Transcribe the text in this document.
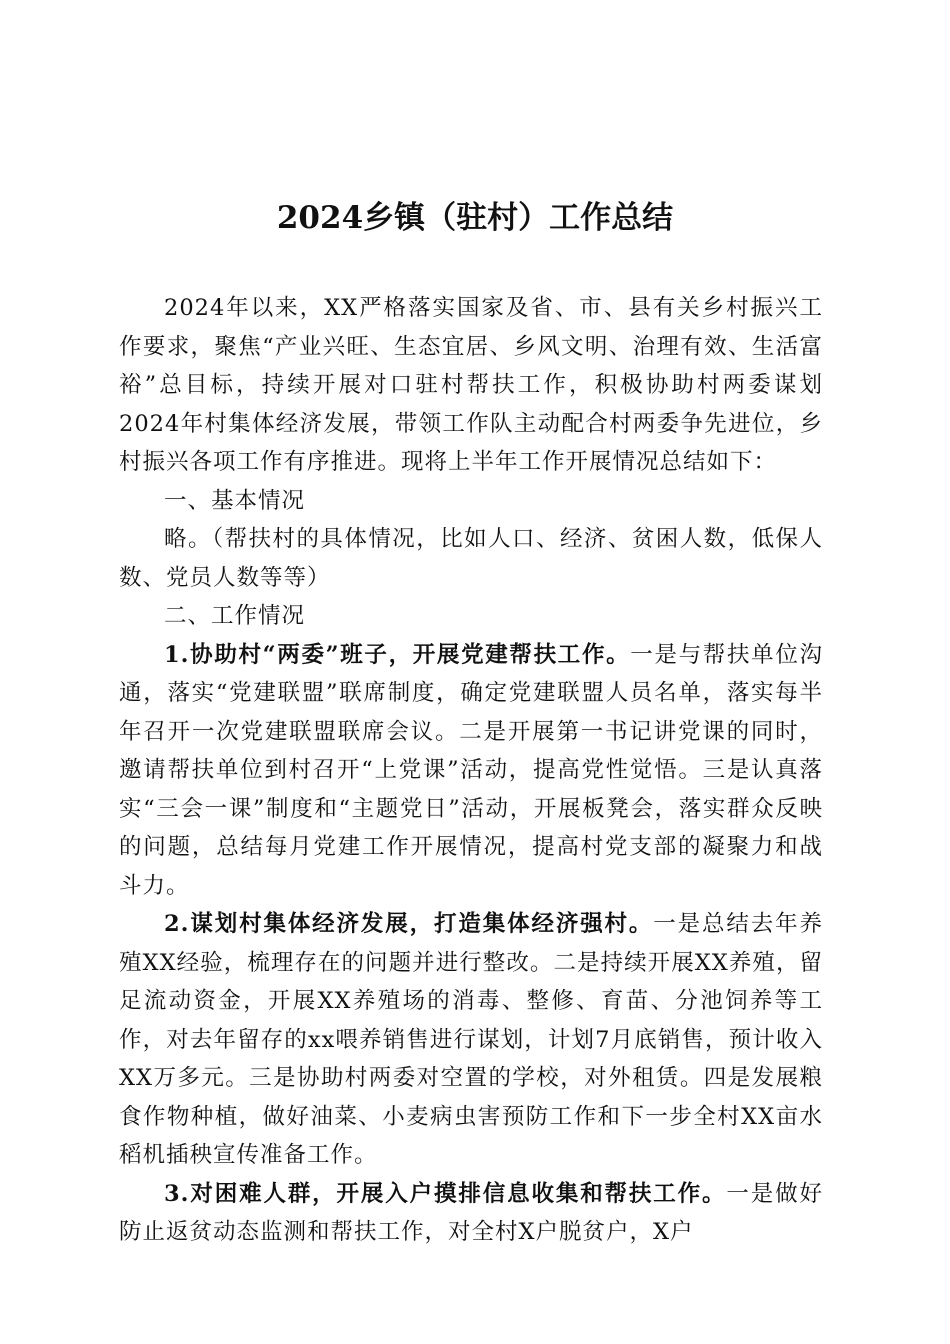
2024乡镇（驻村）工作总结

2024年以来，XX严格落实国家及省、市、县有关乡村振兴工作要求，聚焦“产业兴旺、生态宜居、乡风文明、治理有效、生活富裕”总目标，持续开展对口驻村帮扶工作，积极协助村两委谋划2024年村集体经济发展，带领工作队主动配合村两委争先进位，乡村振兴各项工作有序推进。现将上半年工作开展情况总结如下：

一、基本情况

略。（帮扶村的具体情况，比如人口、经济、贫困人数，低保人数、党员人数等等）

二、工作情况

1.协助村“两委”班子，开展党建帮扶工作。一是与帮扶单位沟通，落实“党建联盟”联席制度，确定党建联盟人员名单，落实每半年召开一次党建联盟联席会议。二是开展第一书记讲党课的同时，邀请帮扶单位到村召开“上党课”活动，提高党性觉悟。三是认真落实“三会一课”制度和“主题党日”活动，开展板凳会，落实群众反映的问题，总结每月党建工作开展情况，提高村党支部的凝聚力和战斗力。

2.谋划村集体经济发展，打造集体经济强村。一是总结去年养殖XX经验，梳理存在的问题并进行整改。二是持续开展XX养殖，留足流动资金，开展XX养殖场的消毒、整修、育苗、分池饲养等工作，对去年留存的xx喂养销售进行谋划，计划7月底销售，预计收入XX万多元。三是协助村两委对空置的学校，对外租赁。四是发展粮食作物种植，做好油菜、小麦病虫害预防工作和下一步全村XX亩水稻机插秧宣传准备工作。

3.对困难人群，开展入户摸排信息收集和帮扶工作。一是做好防止返贫动态监测和帮扶工作，对全村X户脱贫户，X户
